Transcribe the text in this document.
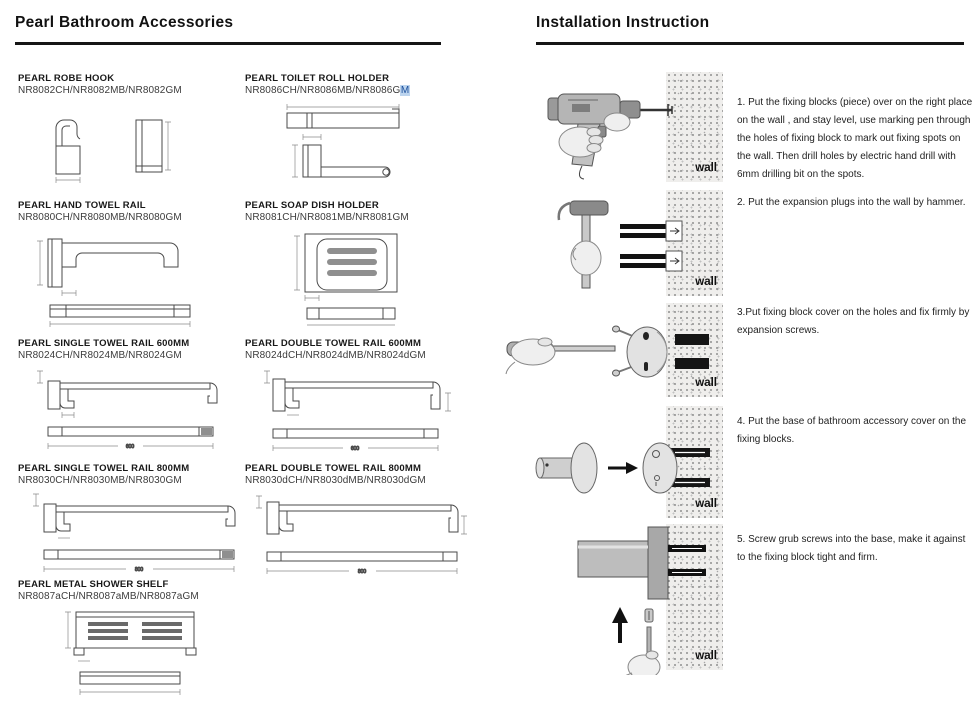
Pearl Bathroom Accessories
PEARL ROBE HOOK
NR8082CH/NR8082MB/NR8082GM
PEARL TOILET ROLL HOLDER
NR8086CH/NR8086MB/NR8086GM
PEARL HAND TOWEL RAIL
NR8080CH/NR8080MB/NR8080GM
PEARL SOAP DISH HOLDER
NR8081CH/NR8081MB/NR8081GM
PEARL SINGLE TOWEL RAIL 600MM
NR8024CH/NR8024MB/NR8024GM
600
PEARL DOUBLE TOWEL RAIL 600MM
NR8024dCH/NR8024dMB/NR8024dGM
600
PEARL SINGLE TOWEL RAIL 800MM
NR8030CH/NR8030MB/NR8030GM
800
PEARL DOUBLE TOWEL RAIL 800MM
NR8030dCH/NR8030dMB/NR8030dGM
800
PEARL METAL SHOWER SHELF
NR8087aCH/NR8087aMB/NR8087aGM
Installation Instruction
wall
wall
wall
wall
wall
1. Put the fixing blocks (piece) over on the right place on the wall , and stay level, use marking pen through the holes of fixing block to mark out fixing spots on the wall. Then drill holes by electric hand drill with 6mm drilling bit on the spots.
2. Put the expansion plugs into the wall by hammer.
3.Put fixing block cover on the holes and fix firmly by expansion screws.
4. Put the base of bathroom accessory cover on the fixing blocks.
5. Screw grub screws into the base, make it against to the fixing block tight and firm.
